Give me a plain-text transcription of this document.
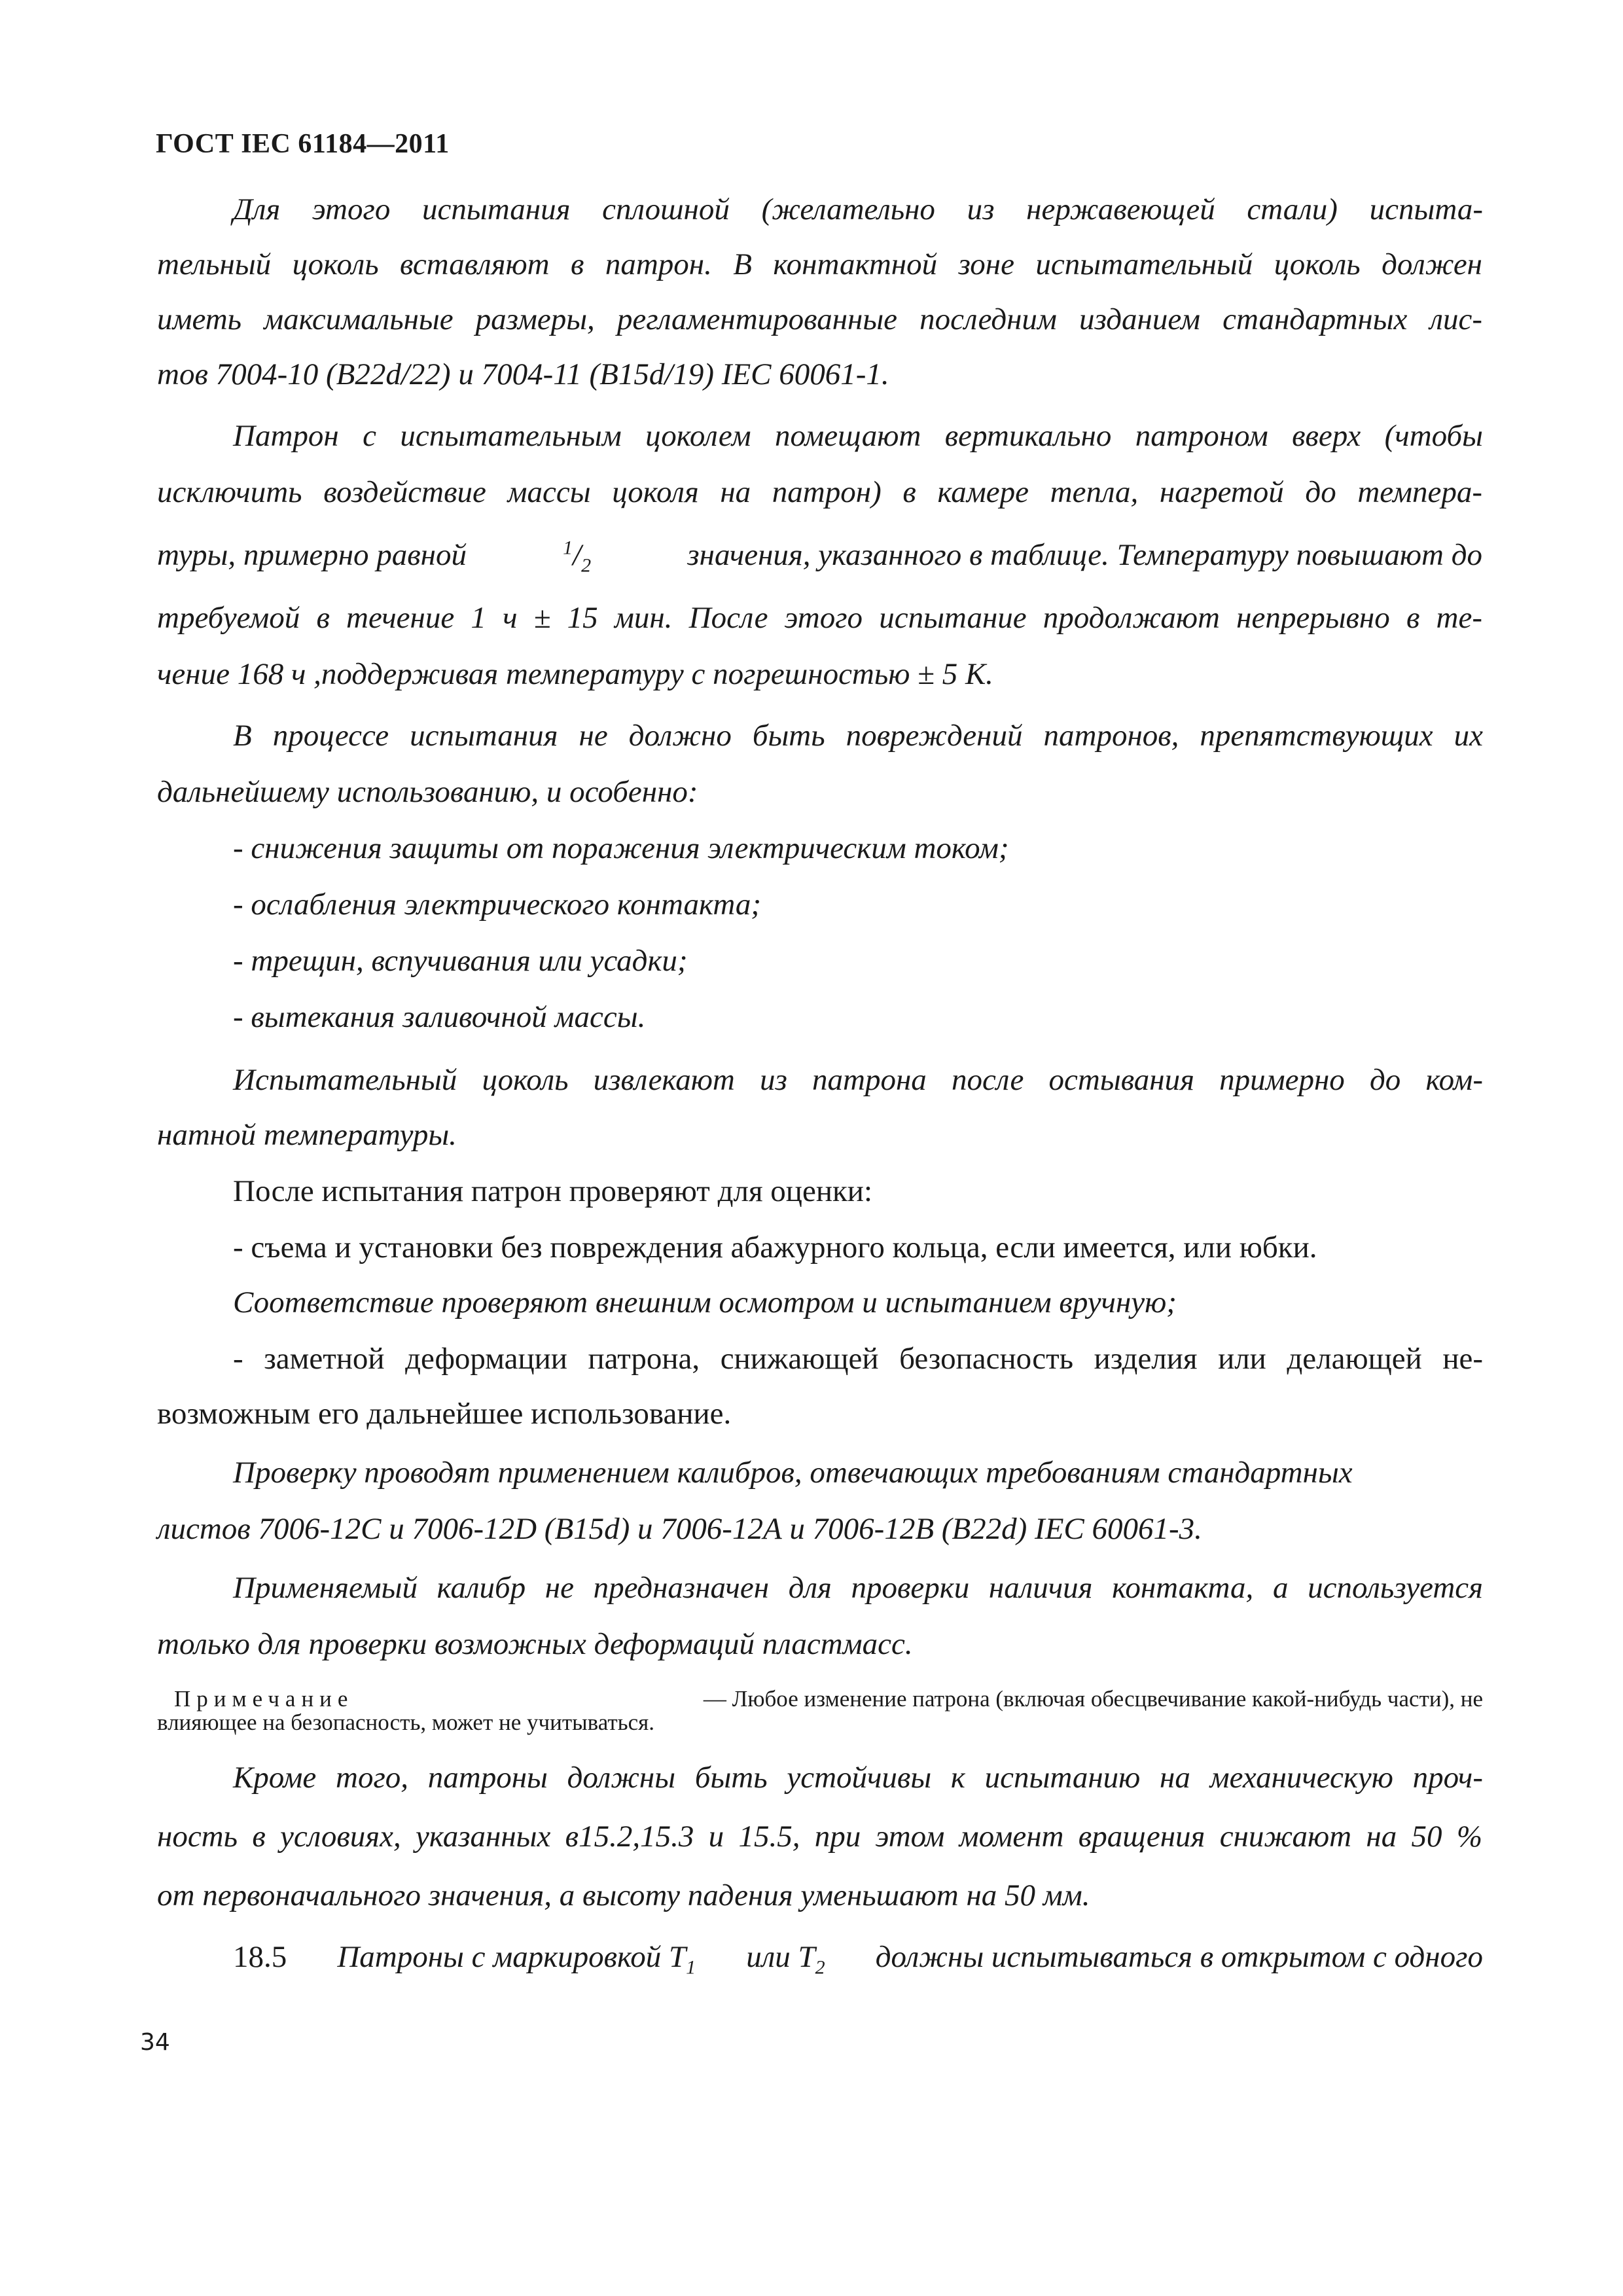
ГОСТ IEC 61184—2011
Для этого испытания сплошной (желательно из нержавеющей стали) испыта-
тельный цоколь вставляют в патрон. В контактной зоне испытательный цоколь должен
иметь максимальные размеры, регламентированные последним изданием стандартных лис-
тов 7004-10 (B22d/22) и 7004-11 (B15d/19) IEC 60061-1.
Патрон с испытательным цоколем помещают вертикально патроном вверх (чтобы
исключить воздействие массы цоколя на патрон) в камере тепла, нагретой до темпера-
туры, примерно равной	$^1/_2$	значения, указанного в таблице. Температуру повышают до
требуемой в течение 1 ч ± 15 мин. После этого испытание продолжают непрерывно в те-
чение 168 ч ,поддерживая температуру с погрешностью ± 5 К.
В процессе испытания не должно быть повреждений патронов, препятствующих их
дальнейшему использованию, и особенно:
- снижения защиты от поражения электрическим током;
- ослабления электрического контакта;
- трещин, вспучивания или усадки;
- вытекания заливочной массы.
Испытательный цоколь извлекают из патрона после остывания примерно до ком-
натной температуры.
После испытания патрон проверяют для оценки:
- съема и установки без повреждения абажурного кольца, если имеется, или юбки.
Соответствие проверяют внешним осмотром и испытанием вручную;
- заметной деформации патрона, снижающей безопасность изделия или делающей не-
возможным его дальнейшее использование.
Проверку проводят применением калибров, отвечающих требованиям стандартных
листов 7006-12С и 7006-12D (B15d) и 7006-12А и 7006-12В (B22d) IEC 60061-3.
Применяемый калибр не предназначен для проверки наличия контакта, а используется
только для проверки возможных деформаций пластмасс.
Примечание	— Любое изменение патрона (включая обесцвечивание какой-нибудь части), не
влияющее на безопасность, может не учитываться.
Кроме того, патроны должны быть устойчивы к испытанию на механическую проч-
ность в условиях, указанных в15.2,15.3 и 15.5, при этом момент вращения снижают на 50 %
от первоначального значения, а высоту падения уменьшают на 50 мм.
18.5 Патроны с маркировкой $T_1$ или $T_2$ должны испытываться в открытом с одного
34
